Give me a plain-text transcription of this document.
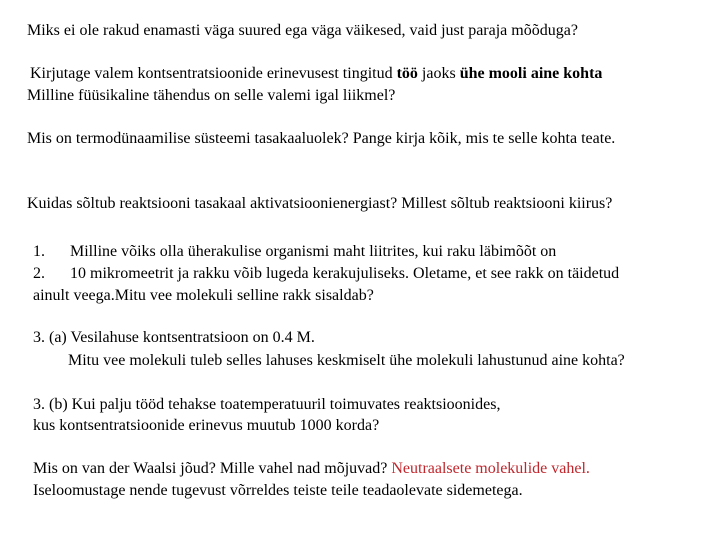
Miks ei ole rakud enamasti väga suured ega väga väikesed, vaid just paraja mõõduga?
Kirjutage valem kontsentratsioonide erinevusest tingitud töö jaoks ühe mooli aine kohta
Milline füüsikaline tähendus on selle valemi igal liikmel?
Mis on termodünaamilise süsteemi tasakaaluolek? Pange kirja kõik, mis te selle kohta teate.
Kuidas sõltub reaktsiooni tasakaal aktivatsioonienergiast? Millest sõltub reaktsiooni kiirus?
1. Milline võiks olla üherakulise organismi maht liitrites, kui raku läbimõõt on
2. 10 mikromeetrit ja rakku võib lugeda kerakujuliseks. Oletame, et see rakk on täidetud
ainult veega.Mitu vee molekuli selline rakk sisaldab?
3. (a) Vesilahuse kontsentratsioon on 0.4 M.
Mitu vee molekuli tuleb selles lahuses keskmiselt ühe molekuli lahustunud aine kohta?
3. (b) Kui palju tööd tehakse toatemperatuuril toimuvates reaktsioonides,
kus kontsentratsioonide erinevus muutub 1000 korda?
Mis on van der Waalsi jõud? Mille vahel nad mõjuvad? Neutraalsete molekulide vahel.
Iseloomustage nende tugevust võrreldes teiste teile teadaolevate sidemetega.
